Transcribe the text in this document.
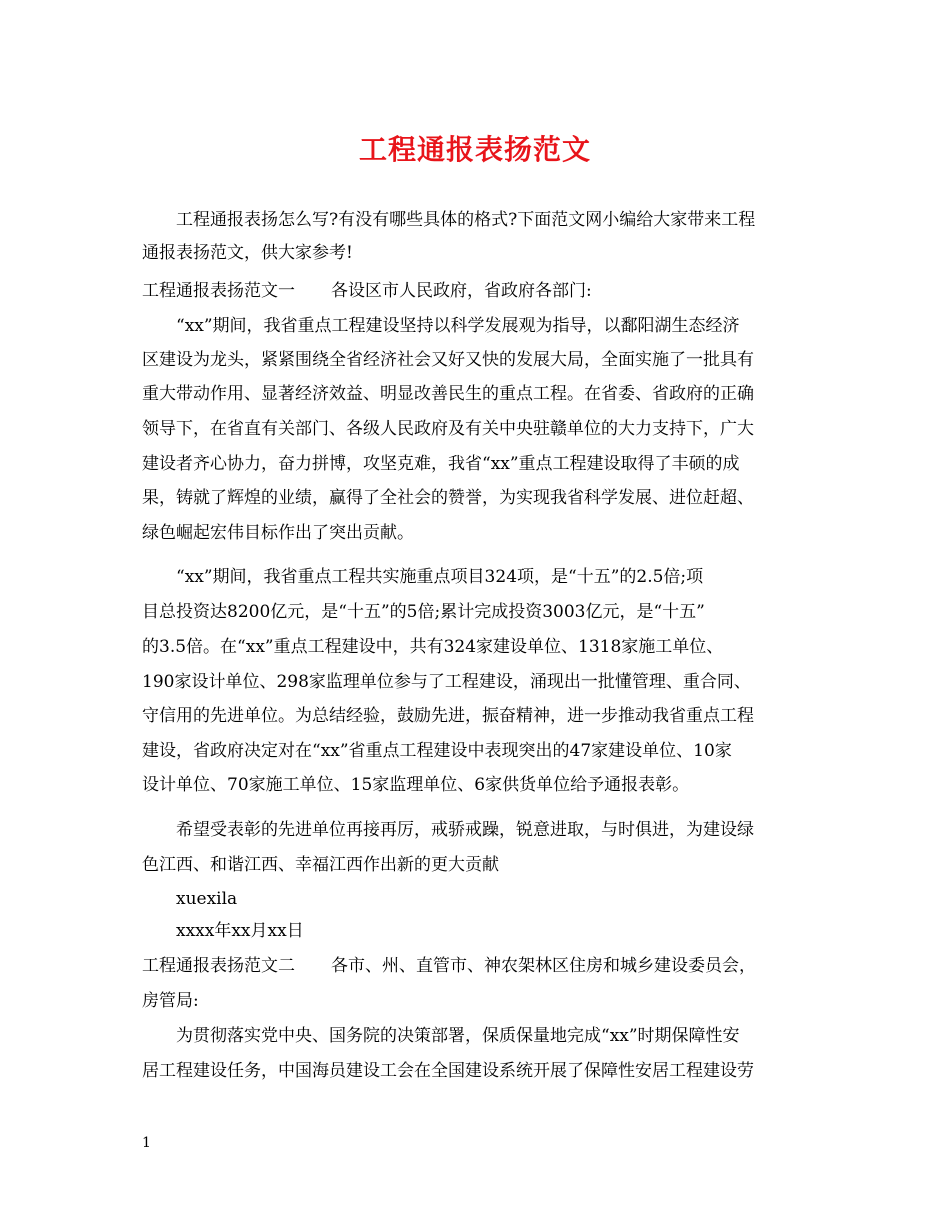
工程通报表扬范文
工程通报表扬怎么写?有没有哪些具体的格式?下面范文网小编给大家带来工程
通报表扬范文，供大家参考!
工程通报表扬范文一 各设区市人民政府，省政府各部门:
“xx”期间，我省重点工程建设坚持以科学发展观为指导，以鄱阳湖生态经济
区建设为龙头，紧紧围绕全省经济社会又好又快的发展大局，全面实施了一批具有
重大带动作用、显著经济效益、明显改善民生的重点工程。在省委、省政府的正确
领导下，在省直有关部门、各级人民政府及有关中央驻赣单位的大力支持下，广大
建设者齐心协力，奋力拼博，攻坚克难，我省“xx”重点工程建设取得了丰硕的成
果，铸就了辉煌的业绩，赢得了全社会的赞誉，为实现我省科学发展、进位赶超、
绿色崛起宏伟目标作出了突出贡献。
“xx”期间，我省重点工程共实施重点项目324项，是“十五”的2.5倍;项
目总投资达8200亿元，是“十五”的5倍;累计完成投资3003亿元，是“十五”
的3.5倍。在“xx”重点工程建设中，共有324家建设单位、1318家施工单位、
190家设计单位、298家监理单位参与了工程建设，涌现出一批懂管理、重合同、
守信用的先进单位。为总结经验，鼓励先进，振奋精神，进一步推动我省重点工程
建设，省政府决定对在“xx”省重点工程建设中表现突出的47家建设单位、10家
设计单位、70家施工单位、15家监理单位、6家供货单位给予通报表彰。
希望受表彰的先进单位再接再厉，戒骄戒躁，锐意进取，与时俱进，为建设绿
色江西、和谐江西、幸福江西作出新的更大贡献
xuexila
xxxx年xx月xx日
工程通报表扬范文二 各市、州、直管市、神农架林区住房和城乡建设委员会，
房管局:
为贯彻落实党中央、国务院的决策部署，保质保量地完成“xx”时期保障性安
居工程建设任务，中国海员建设工会在全国建设系统开展了保障性安居工程建设劳
1
